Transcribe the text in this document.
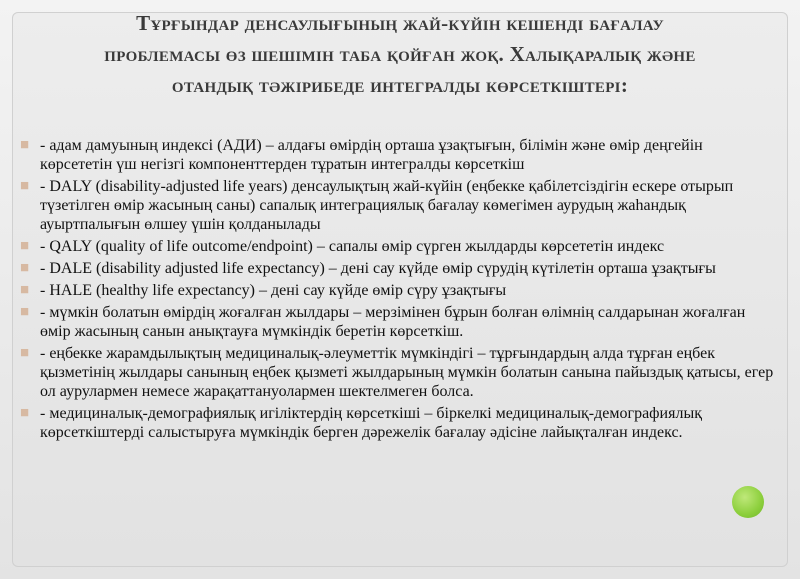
Тұрғындар денсаулығының жай-күйін кешенді бағалау
проблемасы өз шешімін таба қойған жоқ. Халықаралық және
отандық тәжірибеде интегралды көрсеткіштері:
■ - адам дамуының индексі (АДИ) – алдағы өмірдің орташа ұзақтығын, білімін және өмір деңгейін көрсететін үш негізгі компоненттерден тұратын интегралды көрсеткіш
■ - DALY (disability-adjusted life years) денсаулықтың жай-күйін (еңбекке қабілетсіздігін ескере отырып түзетілген өмір жасының саны) сапалық интеграциялық бағалау көмегімен аурудың жаһандық ауыртпалығын өлшеу үшін қолданылады
■ - QALY (quality of life outcome/endpoint) – сапалы өмір сүрген жылдарды көрсететін индекс
■ - DALE (disability adjusted life expectancy) – дені сау күйде өмір сүрудің күтілетін орташа ұзақтығы
■ - HALE (healthy life expectancy) – дені сау күйде өмір сүру ұзақтығы
■ - мүмкін болатын өмірдің жоғалған жылдары – мерзімінен бұрын болған өлімнің салдарынан жоғалған өмір жасының санын анықтауға мүмкіндік беретін көрсеткіш.
■ - еңбекке жарамдылықтың медициналық-әлеуметтік мүмкіндігі – тұрғындардың алда тұрған еңбек қызметінің жылдары санының еңбек қызметі жылдарының мүмкін болатын санына пайыздық қатысы, егер ол аурулармен немесе жарақаттануолармен шектелмеген болса.
■ - медициналық-демографиялық игіліктердің көрсеткіші – біркелкі медициналық-демографиялық көрсеткіштерді салыстыруға мүмкіндік берген дәрежелік бағалау әдісіне лайықталған индекс.
